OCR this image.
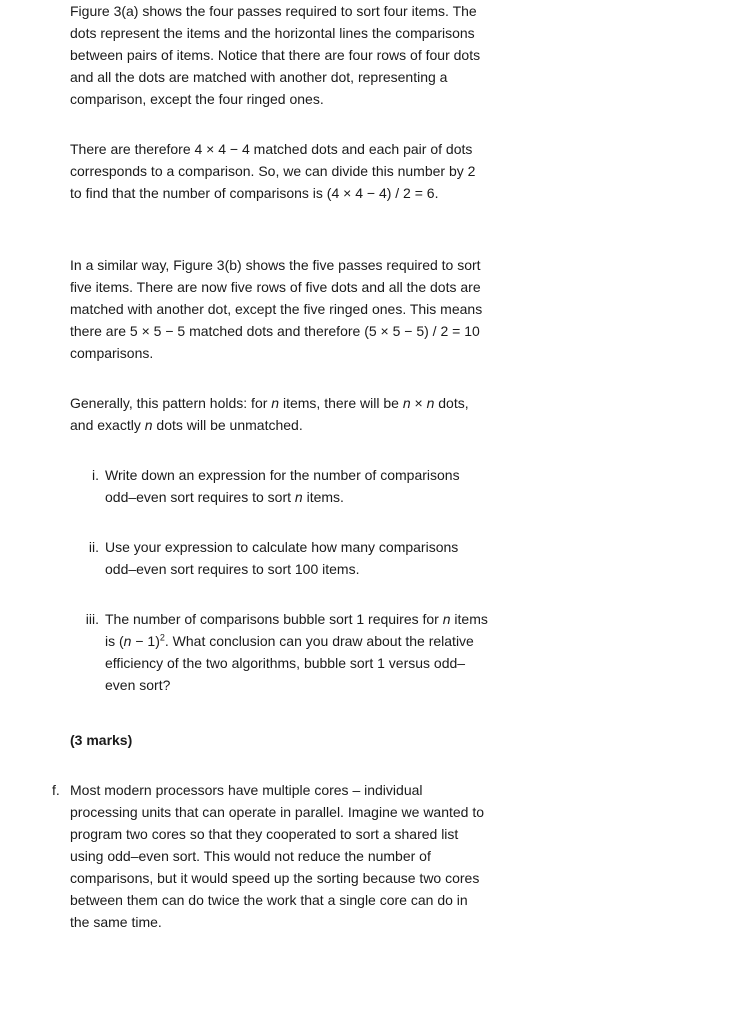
Figure 3(a) shows the four passes required to sort four items. The dots represent the items and the horizontal lines the comparisons between pairs of items. Notice that there are four rows of four dots and all the dots are matched with another dot, representing a comparison, except the four ringed ones.

There are therefore 4 × 4 − 4 matched dots and each pair of dots corresponds to a comparison. So, we can divide this number by 2 to find that the number of comparisons is (4 × 4 − 4) / 2 = 6.

In a similar way, Figure 3(b) shows the five passes required to sort five items. There are now five rows of five dots and all the dots are matched with another dot, except the five ringed ones. This means there are 5 × 5 − 5 matched dots and therefore (5 × 5 − 5) / 2 = 10 comparisons.

Generally, this pattern holds: for n items, there will be n × n dots, and exactly n dots will be unmatched.

i. Write down an expression for the number of comparisons odd–even sort requires to sort n items.

ii. Use your expression to calculate how many comparisons odd–even sort requires to sort 100 items.

iii. The number of comparisons bubble sort 1 requires for n items is $(n - 1)^2$. What conclusion can you draw about the relative efficiency of the two algorithms, bubble sort 1 versus odd–even sort?

(3 marks)
f. Most modern processors have multiple cores – individual processing units that can operate in parallel. Imagine we wanted to program two cores so that they cooperated to sort a shared list using odd–even sort. This would not reduce the number of comparisons, but it would speed up the sorting because two cores between them can do twice the work that a single core can do in the same time.
